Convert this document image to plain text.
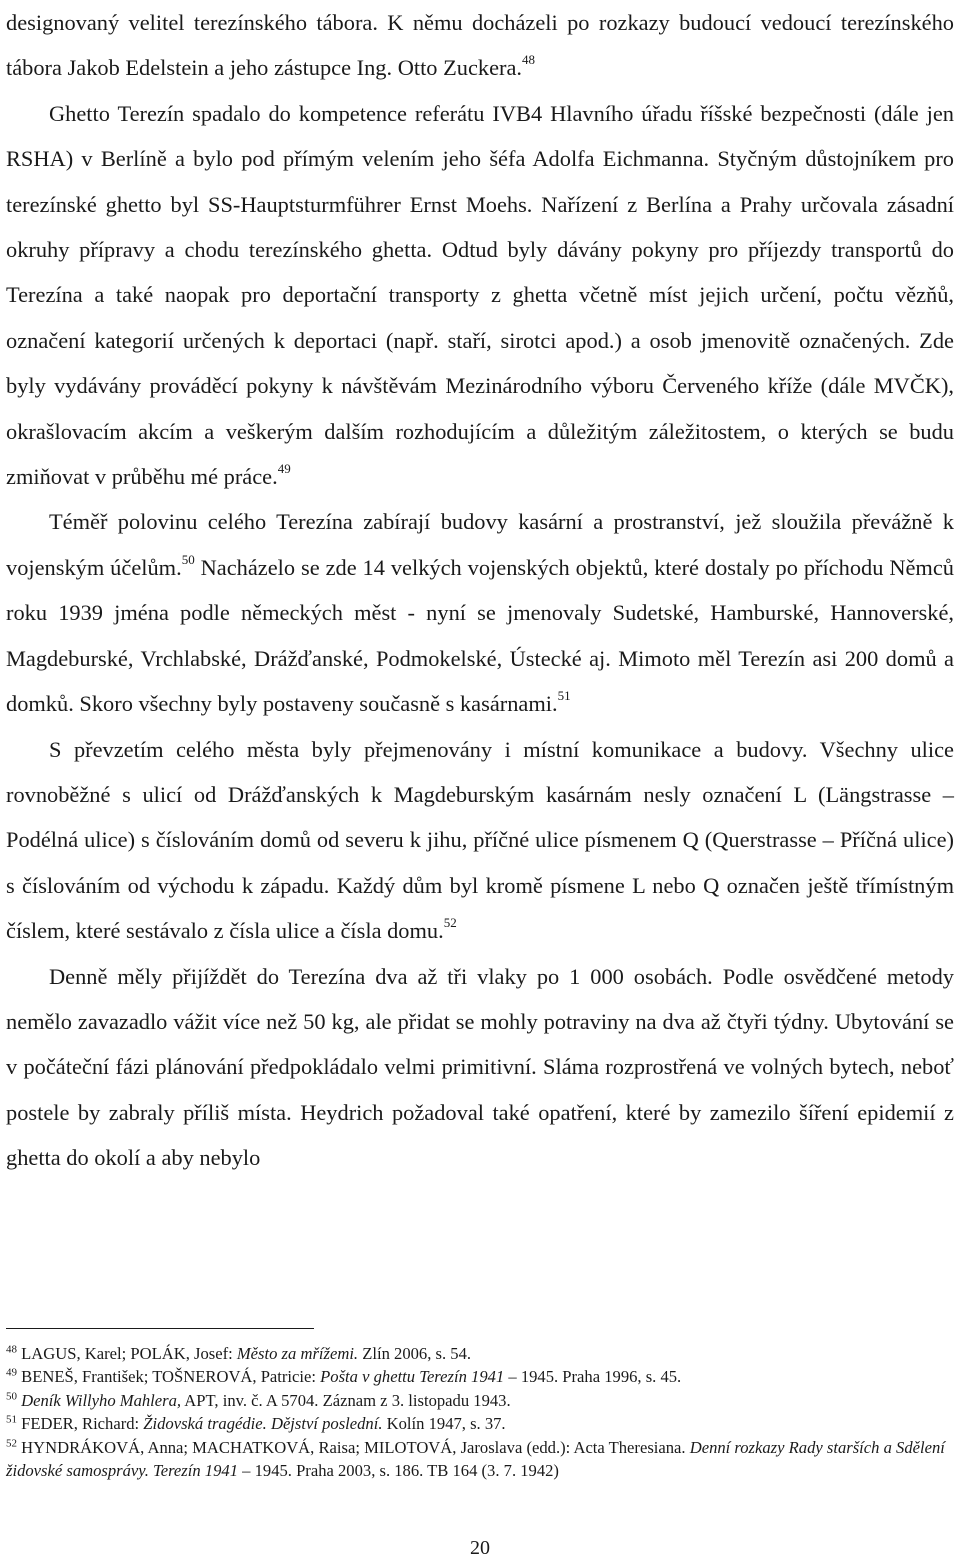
designovaný velitel terezínského tábora. K němu docházeli po rozkazy budoucí vedoucí terezínského tábora Jakob Edelstein a jeho zástupce Ing. Otto Zuckera.$^{48}$

Ghetto Terezín spadalo do kompetence referátu IVB4 Hlavního úřadu říšské bezpečnosti (dále jen RSHA) v Berlíně a bylo pod přímým velením jeho šéfa Adolfa Eichmanna. Styčným důstojníkem pro terezínské ghetto byl SS-Hauptsturmführer Ernst Moehs. Nařízení z Berlína a Prahy určovala zásadní okruhy přípravy a chodu terezínského ghetta. Odtud byly dávány pokyny pro příjezdy transportů do Terezína a také naopak pro deportační transporty z ghetta včetně míst jejich určení, počtu vězňů, označení kategorií určených k deportaci (např. staří, sirotci apod.) a osob jmenovitě označených. Zde byly vydávány prováděcí pokyny k návštěvám Mezinárodního výboru Červeného kříže (dále MVČK), okrašlovacím akcím a veškerým dalším rozhodujícím a důležitým záležitostem, o kterých se budu zmiňovat v průběhu mé práce.$^{49}$

Téměř polovinu celého Terezína zabírají budovy kasární a prostranství, jež sloužila převážně k vojenským účelům.$^{50}$ Nacházelo se zde 14 velkých vojenských objektů, které dostaly po příchodu Němců roku 1939 jména podle německých měst - nyní se jmenovaly Sudetské, Hamburské, Hannoverské, Magdeburské, Vrchlabské, Drážďanské, Podmokelské, Ústecké aj. Mimoto měl Terezín asi 200 domů a domků. Skoro všechny byly postaveny současně s kasárnami.$^{51}$

S převzetím celého města byly přejmenovány i místní komunikace a budovy. Všechny ulice rovnoběžné s ulicí od Drážďanských k Magdeburským kasárnám nesly označení L (Längstrasse – Podélná ulice) s číslováním domů od severu k jihu, příčné ulice písmenem Q (Querstrasse – Příčná ulice) s číslováním od východu k západu. Každý dům byl kromě písmene L nebo Q označen ještě třímístným číslem, které sestávalo z čísla ulice a čísla domu.$^{52}$

Denně měly přijíždět do Terezína dva až tři vlaky po 1 000 osobách. Podle osvědčené metody nemělo zavazadlo vážit více než 50 kg, ale přidat se mohly potraviny na dva až čtyři týdny. Ubytování se v počáteční fázi plánování předpokládalo velmi primitivní. Sláma rozprostřená ve volných bytech, neboť postele by zabraly příliš místa. Heydrich požadoval také opatření, které by zamezilo šíření epidemií z ghetta do okolí a aby nebylo

$^{48}$ LAGUS, Karel; POLÁK, Josef: Město za mřížemi. Zlín 2006, s. 54.

$^{49}$ BENEŠ, František; TOŠNEROVÁ, Patricie: Pošta v ghettu Terezín 1941 – 1945. Praha 1996, s. 45.

$^{50}$ Deník Willyho Mahlera, APT, inv. č. A 5704. Záznam z 3. listopadu 1943.

$^{51}$ FEDER, Richard: Židovská tragédie. Dějství poslední. Kolín 1947, s. 37.

$^{52}$ HYNDRÁKOVÁ, Anna; MACHATKOVÁ, Raisa; MILOTOVÁ, Jaroslava (edd.): Acta Theresiana. Denní rozkazy Rady starších a Sdělení židovské samosprávy. Terezín 1941 – 1945. Praha 2003, s. 186. TB 164 (3. 7. 1942)

20
